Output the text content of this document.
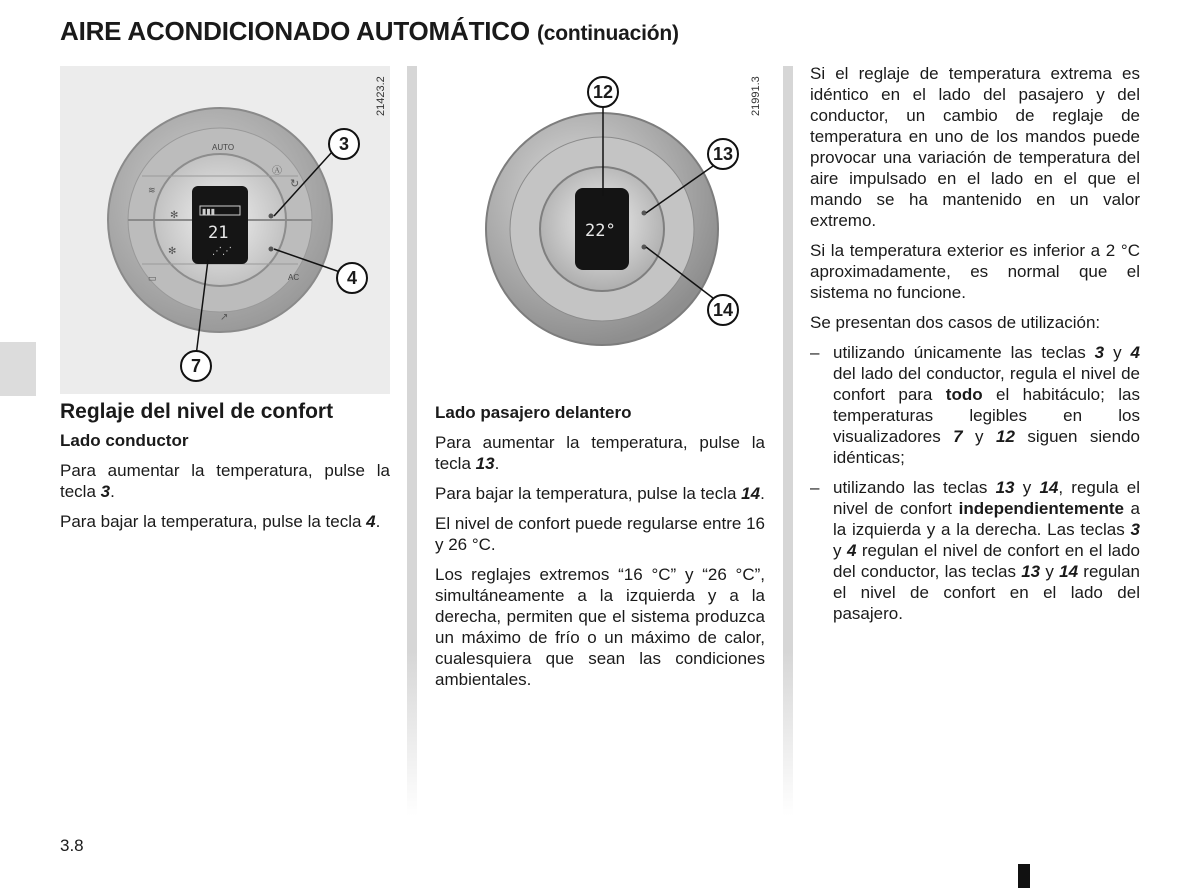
AIRE ACONDICIONADO AUTOMÁTICO (continuación)
▮▮▮
21
⋰⋰
AUTO
AC
✻
✻
≋
▭
↻
Ⓐ
↗
21423.2
3
4
7
22°
21991.3
12
13
14
Reglaje del nivel de confort
Lado conductor

Para aumentar la temperatura, pulse la tecla 3.

Para bajar la temperatura, pulse la tecla 4.

Lado pasajero delantero

Para aumentar la temperatura, pulse la tecla 13.

Para bajar la temperatura, pulse la tecla 14.

El nivel de confort puede regularse entre 16 y 26 °C.

Los reglajes extremos “16 °C” y “26 °C”, simultáneamente a la izquierda y a la derecha, permiten que el sistema produzca un máximo de frío o un máximo de calor, cualesquiera que sean las condiciones ambientales.

Si el reglaje de temperatura extrema es idéntico en el lado del pasajero y del conductor, un cambio de reglaje de temperatura en uno de los mandos puede provocar una variación de temperatura del aire impulsado en el lado en el que el mando se ha mantenido en un valor extremo.

Si la temperatura exterior es inferior a 2 °C aproximadamente, es normal que el sistema no funcione.

Se presentan dos casos de utilización:

– utilizando únicamente las teclas 3 y 4 del lado del conductor, regula el nivel de confort para todo el habitáculo; las temperaturas legibles en los visualizadores 7 y 12 siguen siendo idénticas;
– utilizando las teclas 13 y 14, regula el nivel de confort independientemente a la izquierda y a la derecha. Las teclas 3 y 4 regulan el nivel de confort en el lado del conductor, las teclas 13 y 14 regulan el nivel de confort en el lado del pasajero.
3.8
